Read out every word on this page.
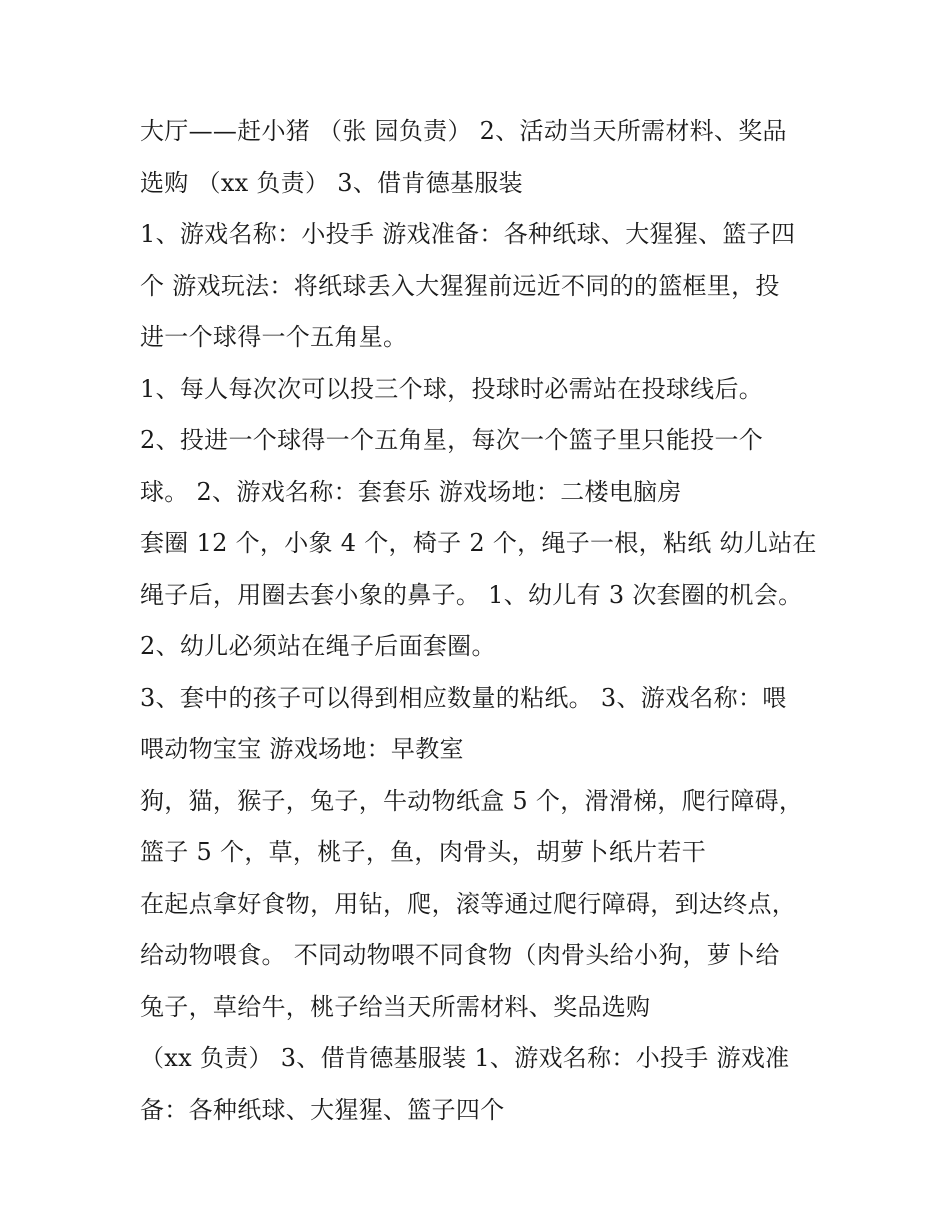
大厅——赶小猪 （张 园负责） 2、活动当天所需材料、奖品
选购 （xx 负责） 3、借肯德基服装
1、游戏名称：小投手 游戏准备：各种纸球、大猩猩、篮子四
个 游戏玩法：将纸球丢入大猩猩前远近不同的的篮框里，投
进一个球得一个五角星。
1、每人每次次可以投三个球，投球时必需站在投球线后。
2、投进一个球得一个五角星，每次一个篮子里只能投一个
球。 2、游戏名称：套套乐 游戏场地：二楼电脑房
套圈 12 个，小象 4 个，椅子 2 个，绳子一根，粘纸 幼儿站在
绳子后，用圈去套小象的鼻子。 1、幼儿有 3 次套圈的机会。
2、幼儿必须站在绳子后面套圈。
3、套中的孩子可以得到相应数量的粘纸。 3、游戏名称：喂
喂动物宝宝 游戏场地：早教室
狗，猫，猴子，兔子，牛动物纸盒 5 个，滑滑梯，爬行障碍，
篮子 5 个，草，桃子，鱼，肉骨头，胡萝卜纸片若干
在起点拿好食物，用钻，爬，滚等通过爬行障碍，到达终点，
给动物喂食。 不同动物喂不同食物（肉骨头给小狗，萝卜给
兔子，草给牛，桃子给当天所需材料、奖品选购
（xx 负责） 3、借肯德基服装 1、游戏名称：小投手 游戏准
备：各种纸球、大猩猩、篮子四个
